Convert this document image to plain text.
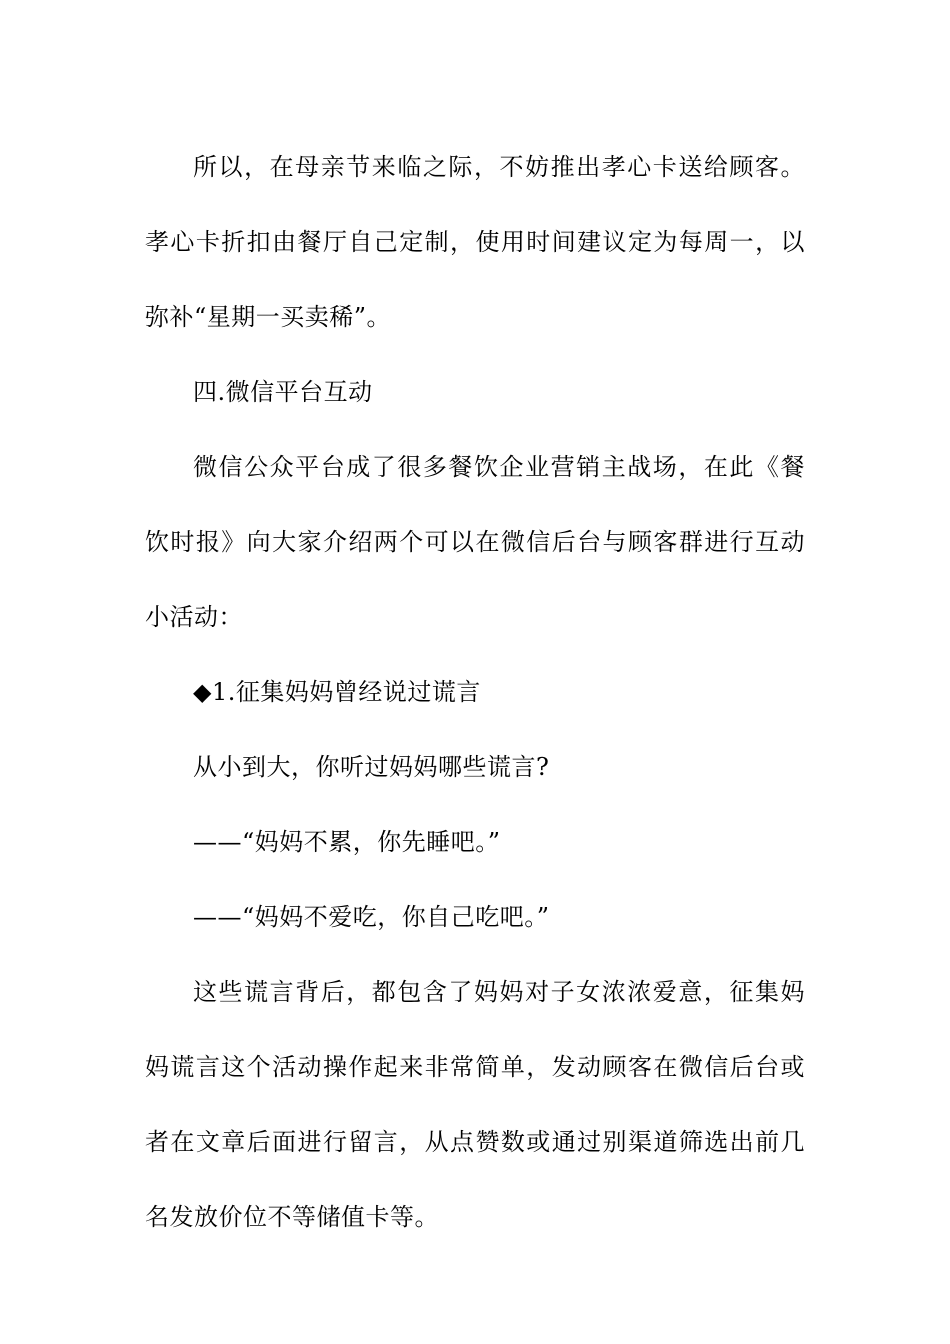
所以，在母亲节来临之际，不妨推出孝心卡送给顾客。孝心卡折扣由餐厅自己定制，使用时间建议定为每周一，以弥补“星期一买卖稀”。

四.微信平台互动

微信公众平台成了很多餐饮企业营销主战场，在此《餐饮时报》向大家介绍两个可以在微信后台与顾客群进行互动小活动：

◆1.征集妈妈曾经说过谎言

从小到大，你听过妈妈哪些谎言?

——“妈妈不累，你先睡吧。”

——“妈妈不爱吃，你自己吃吧。”

这些谎言背后，都包含了妈妈对子女浓浓爱意，征集妈妈谎言这个活动操作起来非常简单，发动顾客在微信后台或者在文章后面进行留言，从点赞数或通过别渠道筛选出前几名发放价位不等储值卡等。
